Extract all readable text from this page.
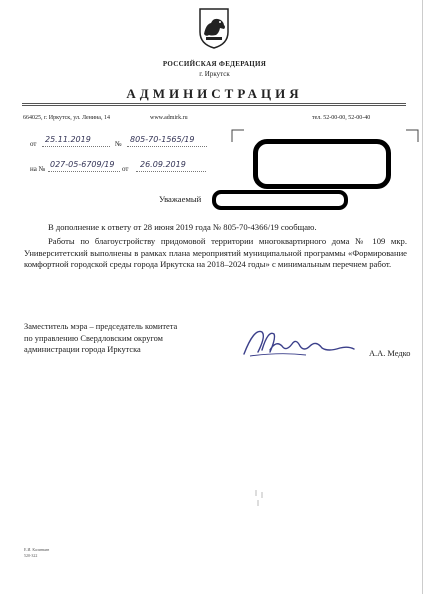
РОССИЙСКАЯ ФЕДЕРАЦИЯ
г. Иркутск
АДМИНИСТРАЦИЯ
664025, г. Иркутск, ул. Ленина, 14	www.admirk.ru	тел. 52-00-00, 52-00-40
от 25.11.2019	№ 805-70-1565/19
на № 027-05-6709/19 от 26.09.2019
Уважаемый
В дополнение к ответу от 28 июня 2019 года № 805-70-4366/19 сообщаю.
Работы по благоустройству придомовой территории многоквартирного дома № 109 мкр. Университетский выполнены в рамках плана мероприятий муниципальной программы «Формирование комфортной городской среды города Иркутска на 2018–2024 годы» с минимальным перечнем работ.
Заместитель мэра – председатель комитета
по управлению Свердловским округом
администрации города Иркутска	А.А. Медко
Е.И. Калинкин
520-322
